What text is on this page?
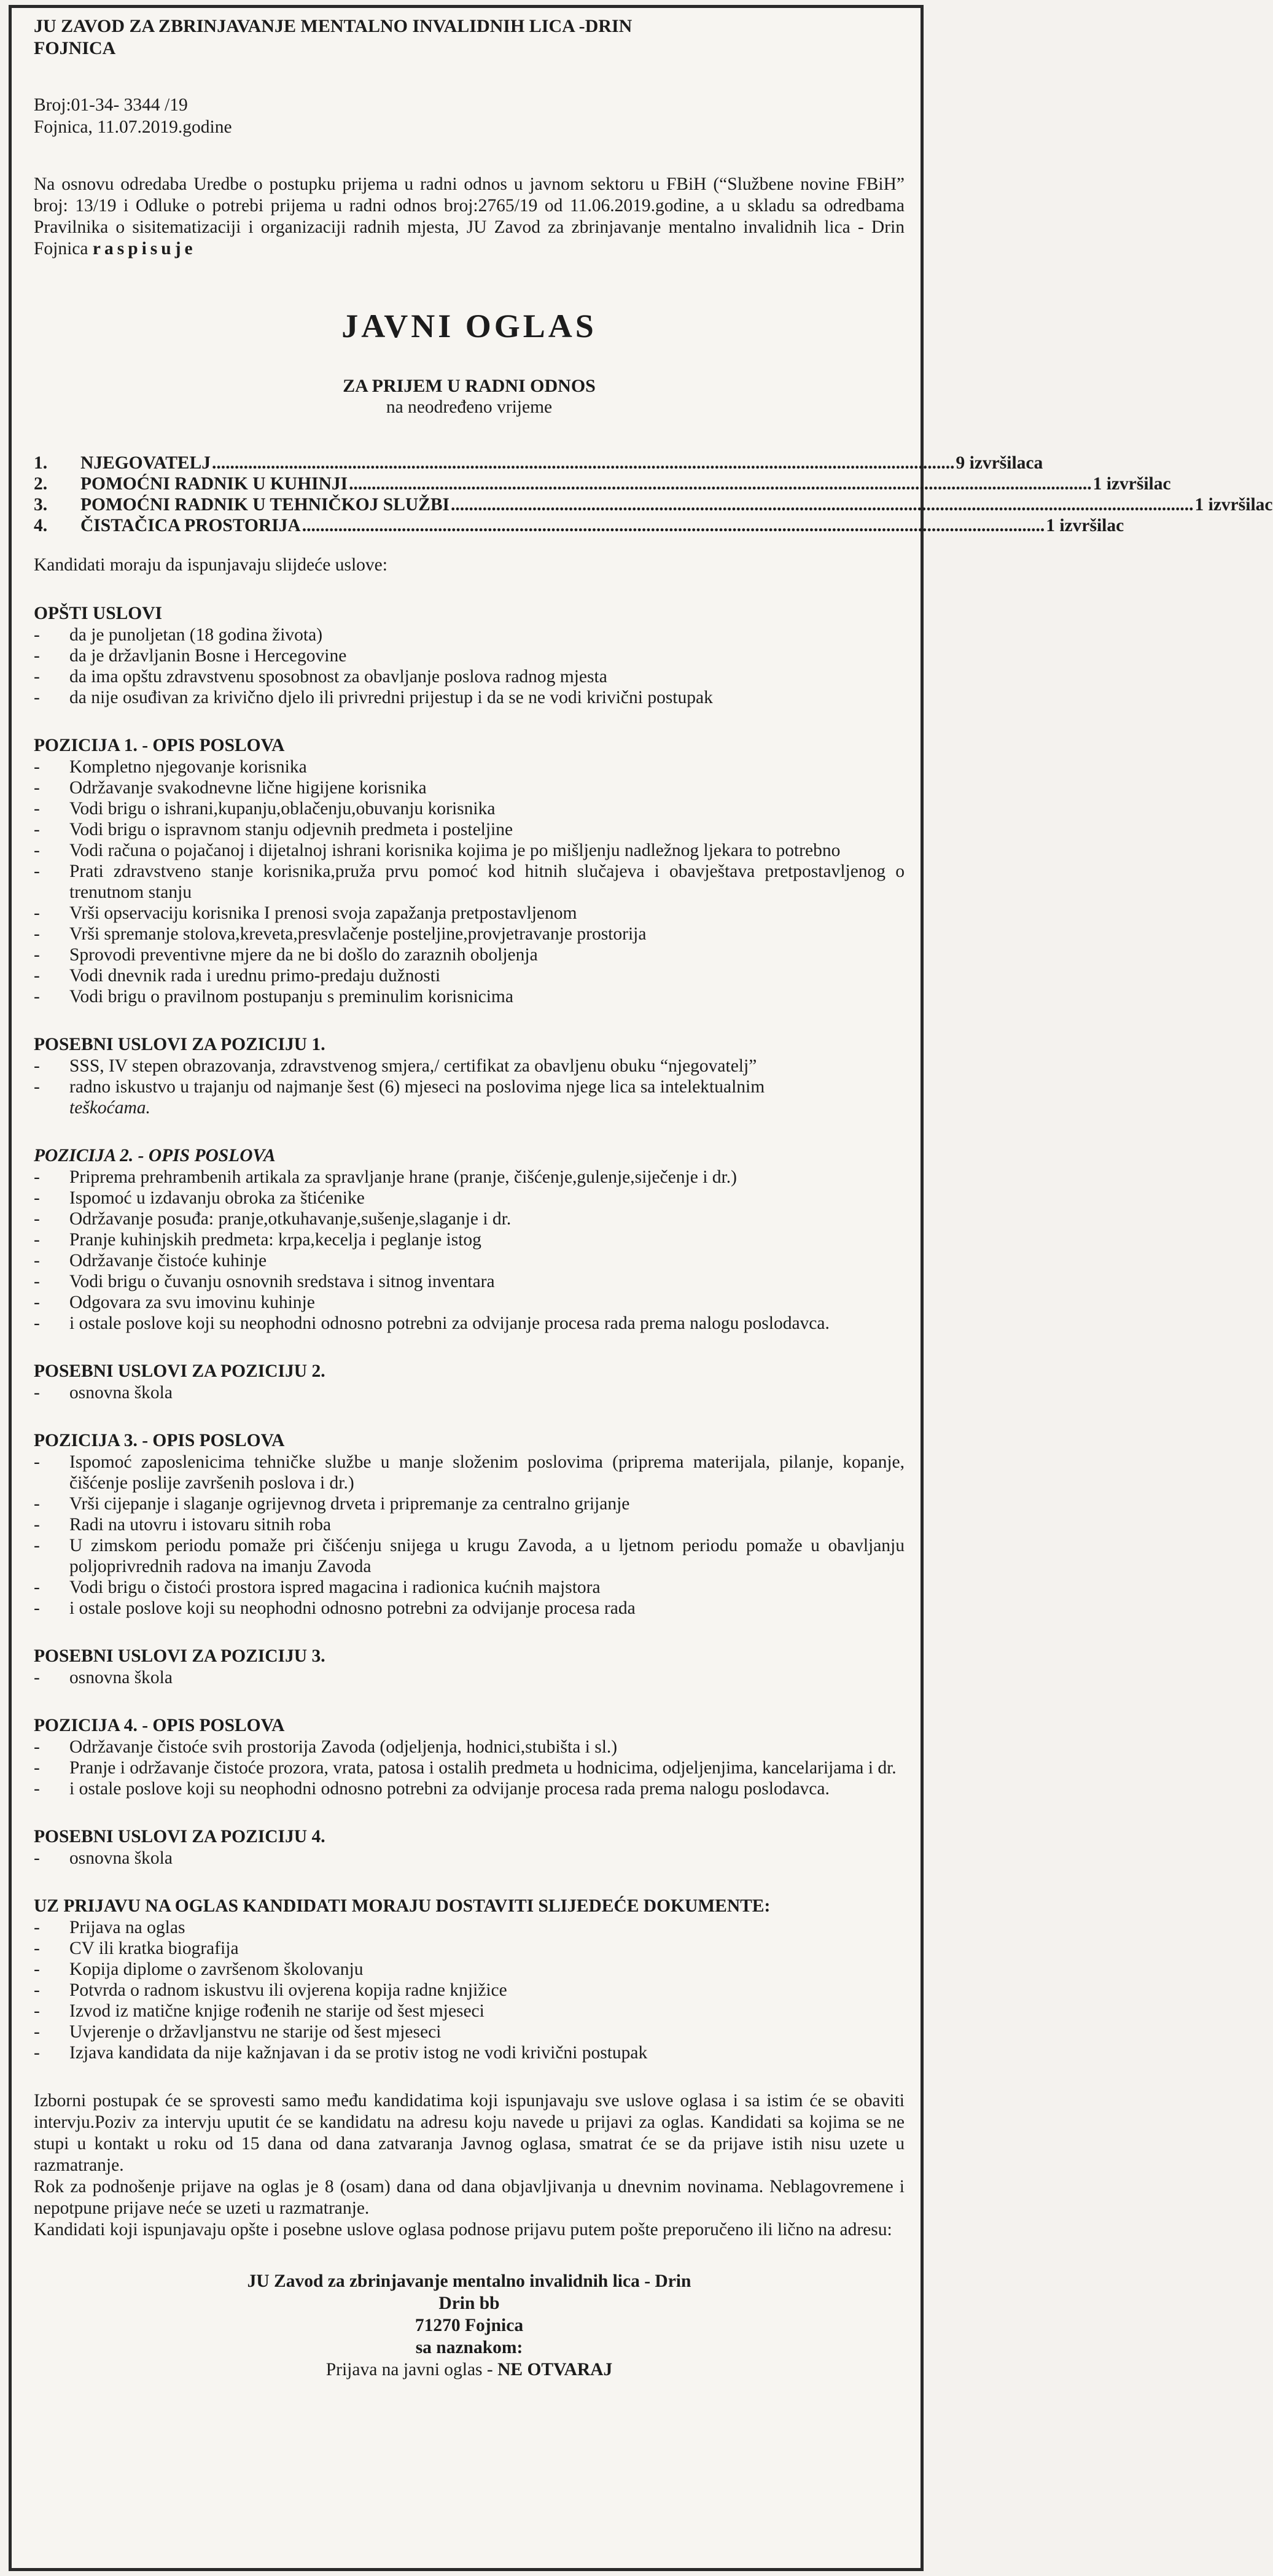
JU ZAVOD ZA ZBRINJAVANJE MENTALNO INVALIDNIH LICA -DRIN
FOJNICA

Broj:01-34- 3344 /19
Fojnica, 11.07.2019.godine
Na osnovu odredaba Uredbe o postupku prijema u radni odnos u javnom sektoru u FBiH (“Službene novine FBiH” broj: 13/19 i Odluke o potrebi prijema u radni odnos broj:2765/19 od 11.06.2019.godine, a u skladu sa odredbama Pravilnika o sisitematizaciji i organizaciji radnih mjesta, JU Zavod za zbrinjavanje mentalno invalidnih lica - Drin Fojnica raspisuje
JAVNI OGLAS
ZA PRIJEM U RADNI ODNOS
na neodređeno vrijeme
1.	NJEGOVATELJ .................................................................................................................................................................... 9 izvršilaca
2.	POMOĆNI RADNIK U KUHINJI .................................................................................................................................................................... 1 izvršilac
3.	POMOĆNI RADNIK U TEHNIČKOJ SLUŽBI .................................................................................................................................................................... 1 izvršilac
4.	ČISTAČICA PROSTORIJA .................................................................................................................................................................... 1 izvršilac
Kandidati moraju da ispunjavaju slijdeće uslove:

OPŠTI USLOVI

-	da je punoljetan (18 godina života)
-	da je državljanin Bosne i Hercegovine
-	da ima opštu zdravstvenu sposobnost za obavljanje poslova radnog mjesta
-	da nije osuđivan za krivično djelo ili privredni prijestup i da se ne vodi krivični postupak

POZICIJA 1. - OPIS POSLOVA

-	Kompletno njegovanje korisnika
-	Održavanje svakodnevne lične higijene korisnika
-	Vodi brigu o ishrani,kupanju,oblačenju,obuvanju korisnika
-	Vodi brigu o ispravnom stanju odjevnih predmeta i posteljine
-	Vodi računa o pojačanoj i dijetalnoj ishrani korisnika kojima je po mišljenju nadležnog ljekara to potrebno
-	Prati zdravstveno stanje korisnika,pruža prvu pomoć kod hitnih slučajeva i obavještava pretpostavljenog o trenutnom stanju
-	Vrši opservaciju korisnika I prenosi svoja zapažanja pretpostavljenom
-	Vrši spremanje stolova,kreveta,presvlačenje posteljine,provjetravanje prostorija
-	Sprovodi preventivne mjere da ne bi došlo do zaraznih oboljenja
-	Vodi dnevnik rada i urednu primo-predaju dužnosti
-	Vodi brigu o pravilnom postupanju s preminulim korisnicima

POSEBNI USLOVI ZA POZICIJU 1.

-	SSS, IV stepen obrazovanja, zdravstvenog smjera,/ certifikat za obavljenu obuku “njegovatelj”
-	radno iskustvo u trajanju od najmanje šest (6) mjeseci na poslovima njege lica sa intelektualnim
teškoćama.

POZICIJA 2. - OPIS POSLOVA

-	Priprema prehrambenih artikala za spravljanje hrane (pranje, čišćenje,gulenje,siječenje i dr.)
-	Ispomoć u izdavanju obroka za štićenike
-	Održavanje posuđa: pranje,otkuhavanje,sušenje,slaganje i dr.
-	Pranje kuhinjskih predmeta: krpa,kecelja i peglanje istog
-	Održavanje čistoće kuhinje
-	Vodi brigu o čuvanju osnovnih sredstava i sitnog inventara
-	Odgovara za svu imovinu kuhinje
-	i ostale poslove koji su neophodni odnosno potrebni za odvijanje procesa rada prema nalogu poslodavca.

POSEBNI USLOVI ZA POZICIJU 2.

-	osnovna škola

POZICIJA 3. - OPIS POSLOVA

-	Ispomoć zaposlenicima tehničke službe u manje složenim poslovima (priprema materijala, pilanje, kopanje, čišćenje poslije završenih poslova i dr.)
-	Vrši cijepanje i slaganje ogrijevnog drveta i pripremanje za centralno grijanje
-	Radi na utovru i istovaru sitnih roba
-	U zimskom periodu pomaže pri čišćenju snijega u krugu Zavoda, a u ljetnom periodu pomaže u obavljanju poljoprivrednih radova na imanju Zavoda
-	Vodi brigu o čistoći prostora ispred magacina i radionica kućnih majstora
-	i ostale poslove koji su neophodni odnosno potrebni za odvijanje procesa rada

POSEBNI USLOVI ZA POZICIJU 3.

-	osnovna škola

POZICIJA 4. - OPIS POSLOVA

-	Održavanje čistoće svih prostorija Zavoda (odjeljenja, hodnici,stubišta i sl.)
-	Pranje i održavanje čistoće prozora, vrata, patosa i ostalih predmeta u hodnicima, odjeljenjima, kancelarijama i dr.
-	i ostale poslove koji su neophodni odnosno potrebni za odvijanje procesa rada prema nalogu poslodavca.

POSEBNI USLOVI ZA POZICIJU 4.

-	osnovna škola

UZ PRIJAVU NA OGLAS KANDIDATI MORAJU DOSTAVITI SLIJEDEĆE DOKUMENTE:

-	Prijava na oglas
-	CV ili kratka biografija
-	Kopija diplome o završenom školovanju
-	Potvrda o radnom iskustvu ili ovjerena kopija radne knjižice
-	Izvod iz matične knjige rođenih ne starije od šest mjeseci
-	Uvjerenje o državljanstvu ne starije od šest mjeseci
-	Izjava kandidata da nije kažnjavan i da se protiv istog ne vodi krivični postupak

Izborni postupak će se sprovesti samo među kandidatima koji ispunjavaju sve uslove oglasa i sa istim će se obaviti intervju.Poziv za intervju uputit će se kandidatu na adresu koju navede u prijavi za oglas. Kandidati sa kojima se ne stupi u kontakt u roku od 15 dana od dana zatvaranja Javnog oglasa, smatrat će se da prijave istih nisu uzete u razmatranje.

Rok za podnošenje prijave na oglas je 8 (osam) dana od dana objavljivanja u dnevnim novinama. Neblagovremene i nepotpune prijave neće se uzeti u razmatranje.

Kandidati koji ispunjavaju opšte i posebne uslove oglasa podnose prijavu putem pošte preporučeno ili lično na adresu:

JU Zavod za zbrinjavanje mentalno invalidnih lica - Drin
Drin bb
71270 Fojnica
sa naznakom:
Prijava na javni oglas - NE OTVARAJ
